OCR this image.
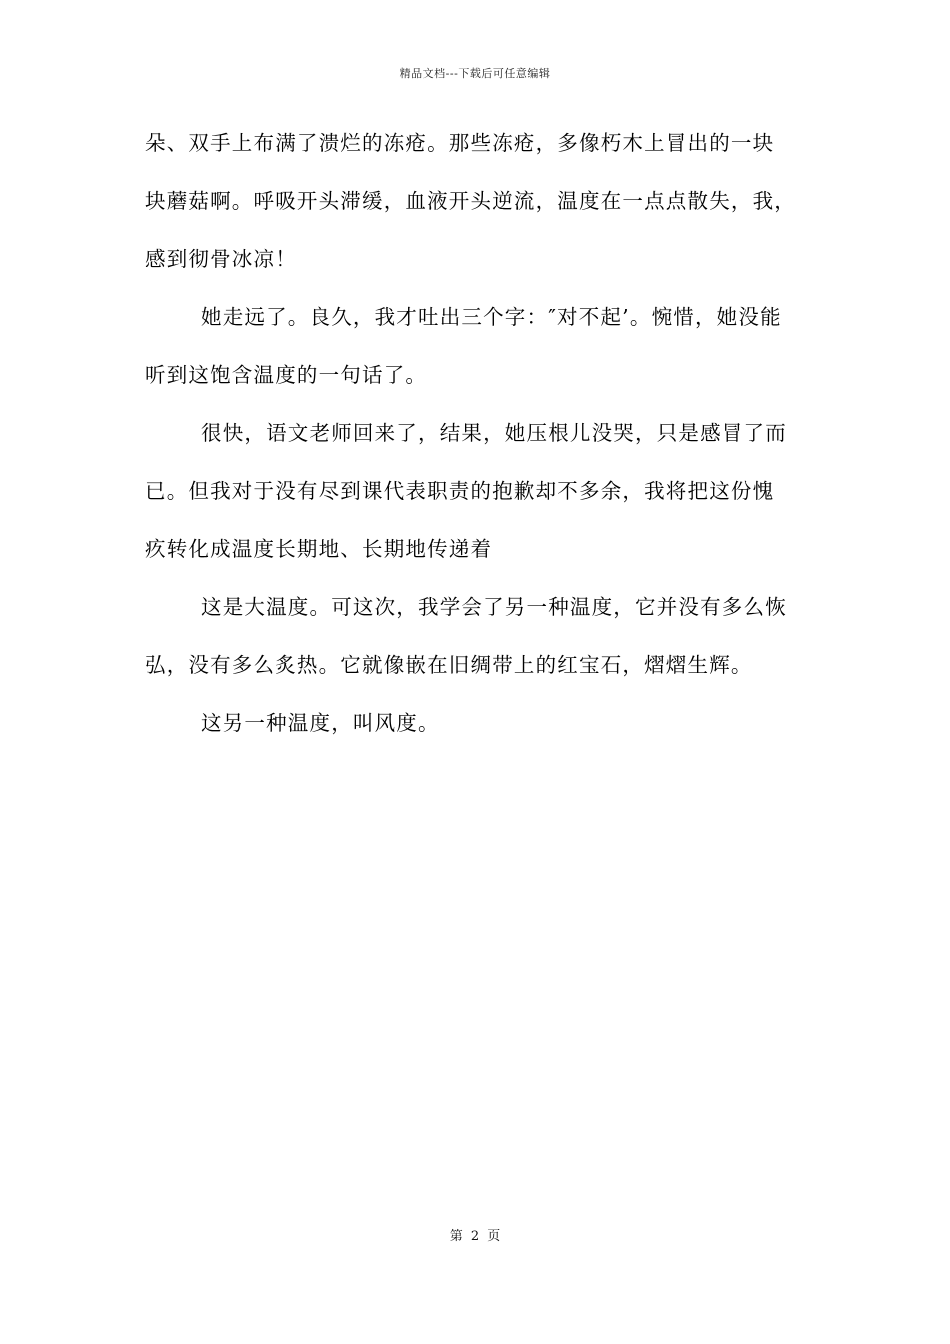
精品文档---下载后可任意编辑
朵、双手上布满了溃烂的冻疮。那些冻疮，多像朽木上冒出的一块
块蘑菇啊。呼吸开头滞缓，血液开头逆流，温度在一点点散失，我，
感到彻骨冰凉！
她走远了。良久，我才吐出三个字：″对不起’。惋惜，她没能
听到这饱含温度的一句话了。
很快，语文老师回来了，结果，她压根儿没哭，只是感冒了而
已。但我对于没有尽到课代表职责的抱歉却不多余，我将把这份愧
疚转化成温度长期地、长期地传递着
这是大温度。可这次，我学会了另一种温度，它并没有多么恢
弘，没有多么炙热。它就像嵌在旧绸带上的红宝石，熠熠生辉。
这另一种温度，叫风度。
第 2 页
